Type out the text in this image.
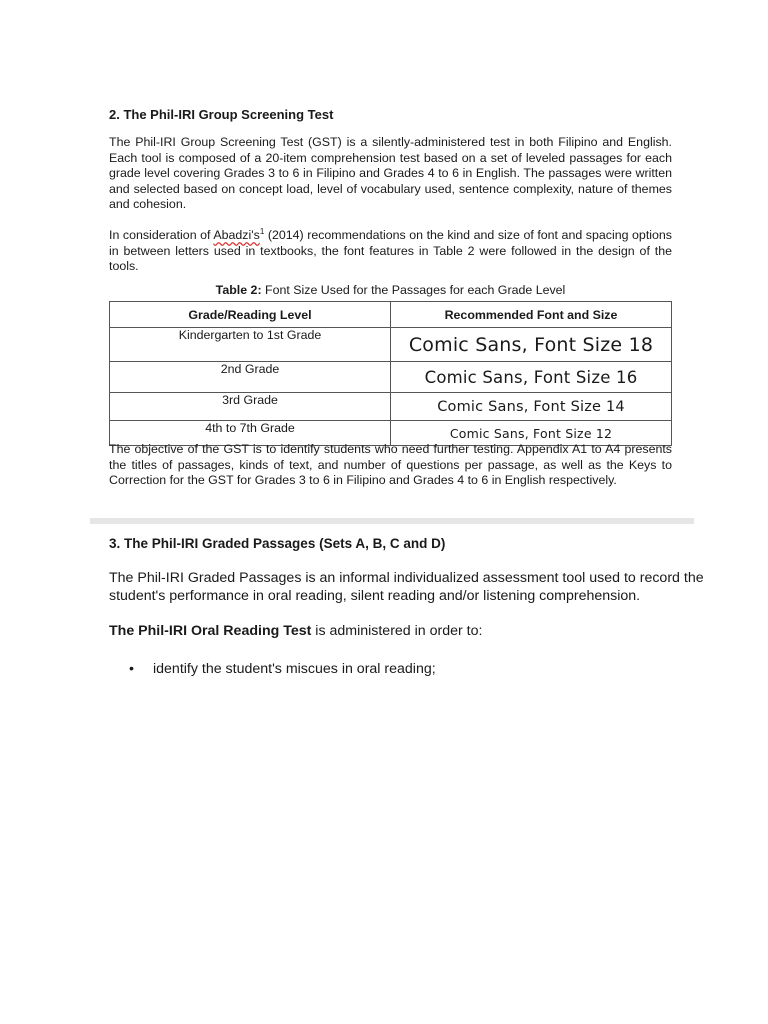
2. The Phil-IRI Group Screening Test

The Phil-IRI Group Screening Test (GST) is a silently-administered test in both Filipino and English. Each tool is composed of a 20-item comprehension test based on a set of leveled passages for each grade level covering Grades 3 to 6 in Filipino and Grades 4 to 6 in English. The passages were written and selected based on concept load, level of vocabulary used, sentence complexity, nature of themes and cohesion.

In consideration of $Abadzi's^1$ (2014) recommendations on the kind and size of font and spacing options in between letters used in textbooks, the font features in Table 2 were followed in the design of the tools.

Table 2: Font Size Used for the Passages for each Grade Level

Grade/Reading Level	Recommended Font and Size
Kindergarten to 1st Grade	Comic Sans, Font Size 18
2nd Grade	Comic Sans, Font Size 16
3rd Grade	Comic Sans, Font Size 14
4th to 7th Grade	Comic Sans, Font Size 12

The objective of the GST is to identify students who need further testing. Appendix A1 to A4 presents the titles of passages, kinds of text, and number of questions per passage, as well as the Keys to Correction for the GST for Grades 3 to 6 in Filipino and Grades 4 to 6 in English respectively.

3. The Phil-IRI Graded Passages (Sets A, B, C and D)

The Phil-IRI Graded Passages is an informal individualized assessment tool used to record the student's performance in oral reading, silent reading and/or listening comprehension.

The Phil-IRI Oral Reading Test is administered in order to:

• identify the student's miscues in oral reading;
